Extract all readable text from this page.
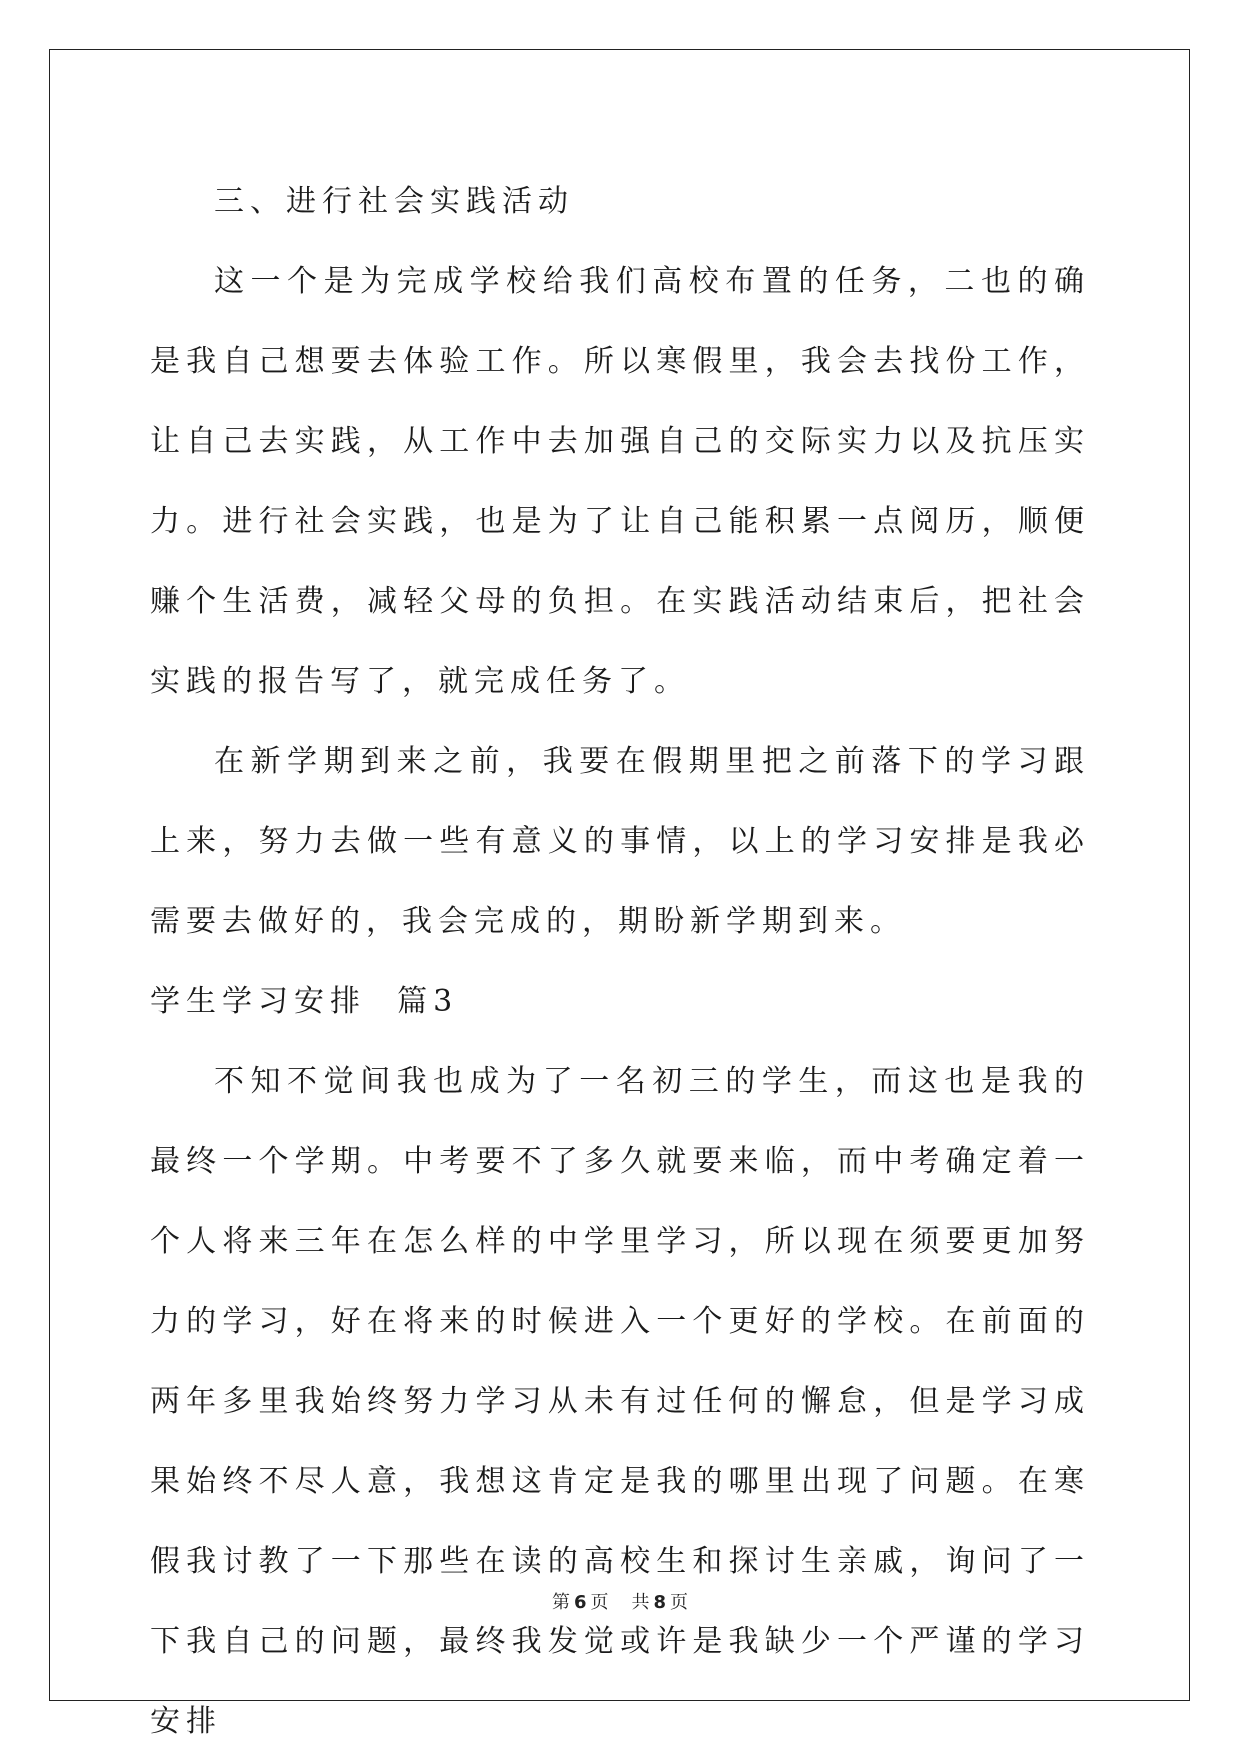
三、进行社会实践活动

这一个是为完成学校给我们高校布置的任务，二也的确是我自己想要去体验工作。所以寒假里，我会去找份工作，让自己去实践，从工作中去加强自己的交际实力以及抗压实力。进行社会实践，也是为了让自己能积累一点阅历，顺便赚个生活费，减轻父母的负担。在实践活动结束后，把社会实践的报告写了，就完成任务了。

在新学期到来之前，我要在假期里把之前落下的学习跟上来，努力去做一些有意义的事情，以上的学习安排是我必需要去做好的，我会完成的，期盼新学期到来。

学生学习安排  篇3

不知不觉间我也成为了一名初三的学生，而这也是我的最终一个学期。中考要不了多久就要来临，而中考确定着一个人将来三年在怎么样的中学里学习，所以现在须要更加努力的学习，好在将来的时候进入一个更好的学校。在前面的两年多里我始终努力学习从未有过任何的懈怠，但是学习成果始终不尽人意，我想这肯定是我的哪里出现了问题。在寒假我讨教了一下那些在读的高校生和探讨生亲戚，询问了一下我自己的问题，最终我发觉或许是我缺少一个严谨的学习安排

第 6 页 共 8 页
